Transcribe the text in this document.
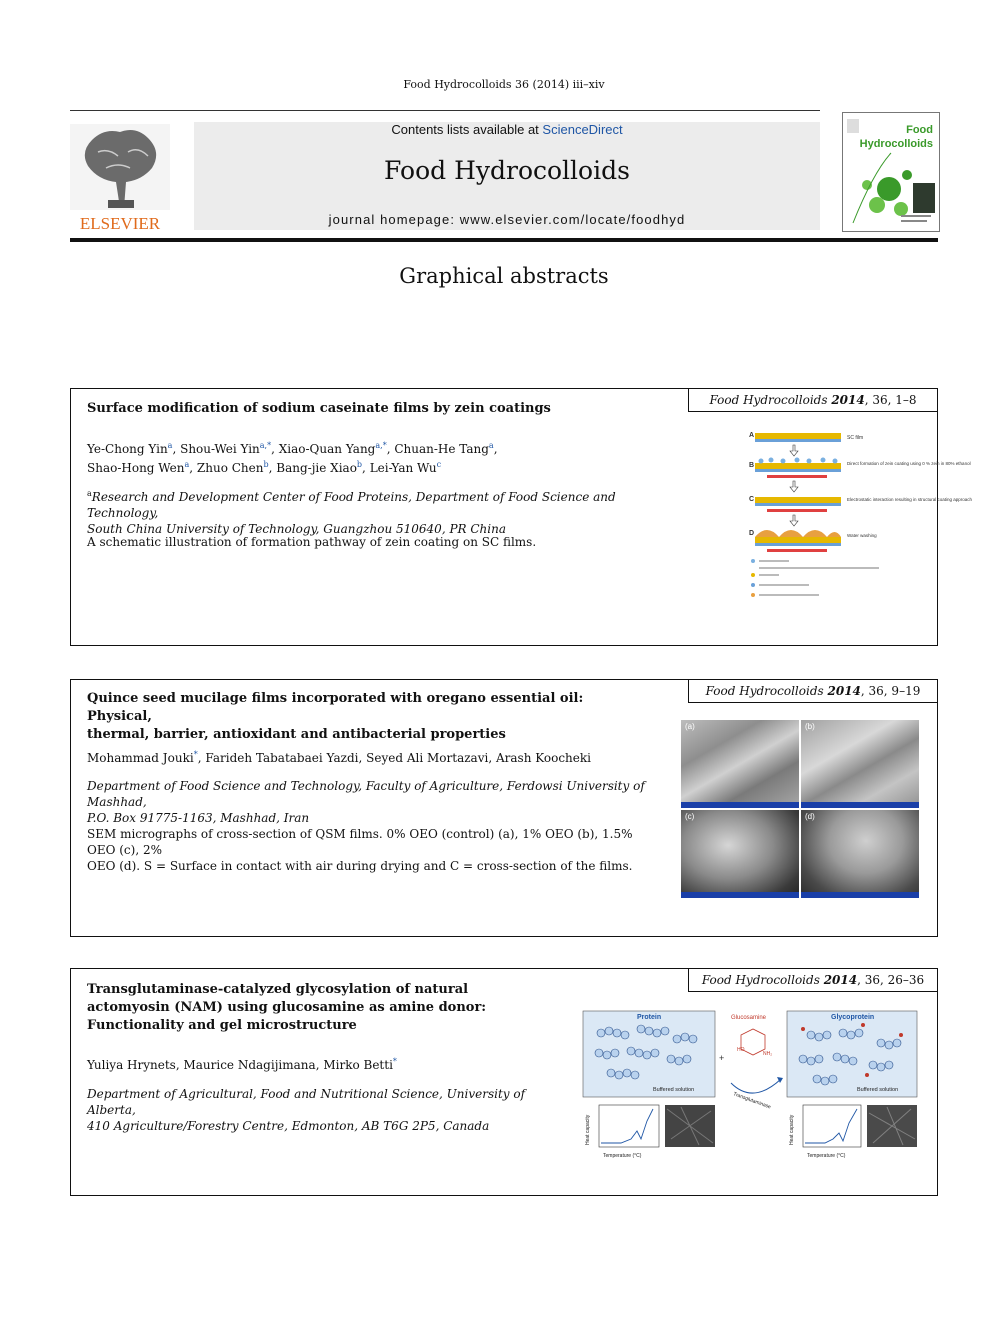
Food Hydrocolloids 36 (2014) iii–xiv
ELSEVIER
Contents lists available at ScienceDirect
Food Hydrocolloids
journal homepage: www.elsevier.com/locate/foodhyd
Food
Hydrocolloids
Graphical abstracts
Food Hydrocolloids 2014, 36, 1–8
Surface modification of sodium caseinate films by zein coatings
Ye-Chong Yin$^a$, Shou-Wei Yin$^{a,*}$, Xiao-Quan Yang$^{a,*}$, Chuan-He Tang$^a$,
Shao-Hong Wen$^a$, Zhuo Chen$^b$, Bang-jie Xiao$^b$, Lei-Yan Wu$^c$
$^a$Research and Development Center of Food Proteins, Department of Food Science and Technology,
South China University of Technology, Guangzhou 510640, PR China
A schematic illustration of formation pathway of zein coating on SC films.
A	SC film
B	Direct formation of zein coating using 0 % zein in 80% ethanol
C	Electrostatic interaction resulting in structural coating approach
D	Water washing
Food Hydrocolloids 2014, 36, 9–19
Quince seed mucilage films incorporated with oregano essential oil: Physical,
thermal, barrier, antioxidant and antibacterial properties
Mohammad Jouki*, Farideh Tabatabaei Yazdi, Seyed Ali Mortazavi, Arash Koocheki
Department of Food Science and Technology, Faculty of Agriculture, Ferdowsi University of Mashhad,
P.O. Box 91775-1163, Mashhad, Iran
SEM micrographs of cross-section of QSM films. 0% OEO (control) (a), 1% OEO (b), 1.5% OEO (c), 2%
OEO (d). S = Surface in contact with air during drying and C = cross-section of the films.
(a)	(b)
(c)	(d)
Food Hydrocolloids 2014, 36, 26–36
Transglutaminase-catalyzed glycosylation of natural
actomyosin (NAM) using glucosamine as amine donor:
Functionality and gel microstructure
Yuliya Hrynets, Maurice Ndagijimana, Mirko Betti*
Department of Agricultural, Food and Nutritional Science, University of Alberta,
410 Agriculture/Forestry Centre, Edmonton, AB T6G 2P5, Canada
Protein
Buffered solution
+
Glucosamine
HO
NH₂
Transglutaminase
Glycoprotein
Buffered solution
Temperature (°C)
Heat capacity
Temperature (°C)
Heat capacity
